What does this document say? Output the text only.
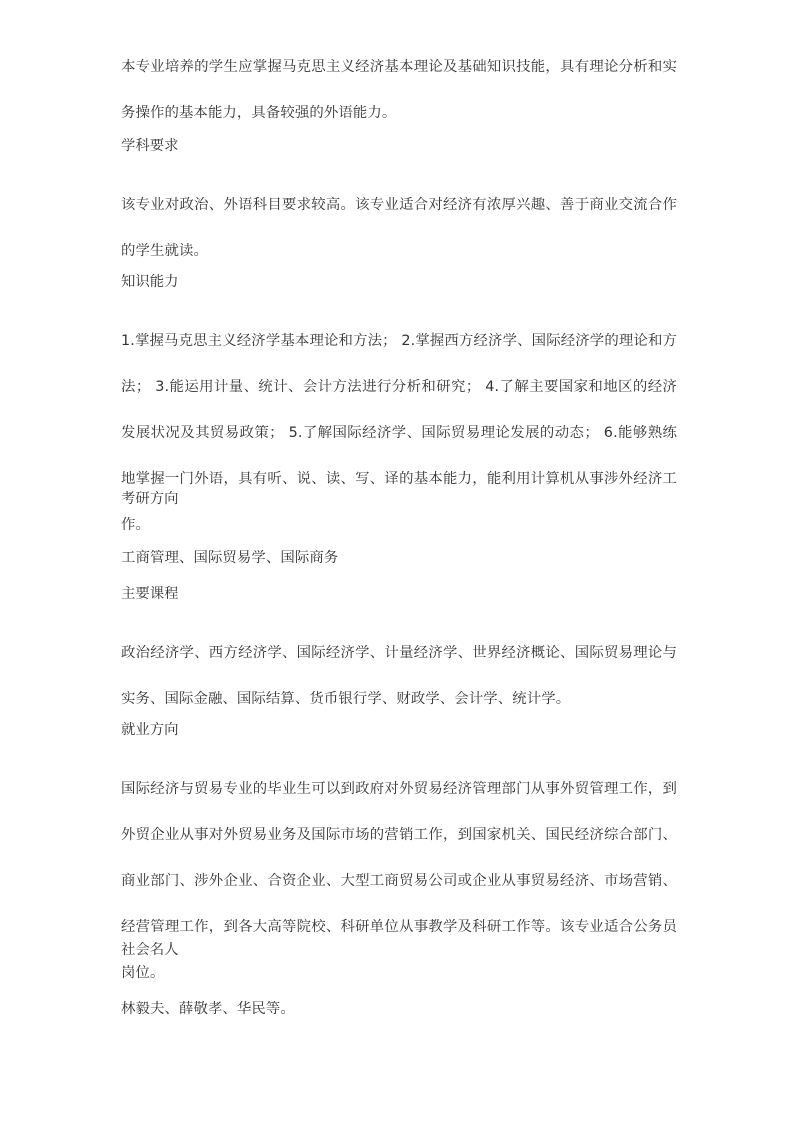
本专业培养的学生应掌握马克思主义经济基本理论及基础知识技能，具有理论分析和实务操作的基本能力，具备较强的外语能力。

学科要求

该专业对政治、外语科目要求较高。该专业适合对经济有浓厚兴趣、善于商业交流合作的学生就读。

知识能力

1.掌握马克思主义经济学基本理论和方法； 2.掌握西方经济学、国际经济学的理论和方法； 3.能运用计量、统计、会计方法进行分析和研究； 4.了解主要国家和地区的经济发展状况及其贸易政策； 5.了解国际经济学、国际贸易理论发展的动态； 6.能够熟练地掌握一门外语，具有听、说、读、写、译的基本能力，能利用计算机从事涉外经济工作。

考研方向

工商管理、国际贸易学、国际商务

主要课程

政治经济学、西方经济学、国际经济学、计量经济学、世界经济概论、国际贸易理论与实务、国际金融、国际结算、货币银行学、财政学、会计学、统计学。

就业方向

国际经济与贸易专业的毕业生可以到政府对外贸易经济管理部门从事外贸管理工作，到外贸企业从事对外贸易业务及国际市场的营销工作，到国家机关、国民经济综合部门、商业部门、涉外企业、合资企业、大型工商贸易公司或企业从事贸易经济、市场营销、经营管理工作，到各大高等院校、科研单位从事教学及科研工作等。该专业适合公务员岗位。

社会名人

林毅夫、薛敬孝、华民等。
